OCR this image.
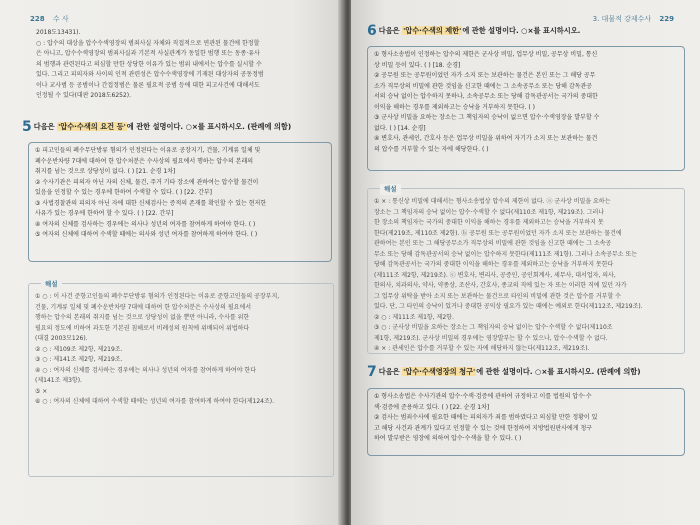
228 수 사
2018도13431).
○ : 압수의 대상을 압수수색영장의 범죄사실 자체와 직접적으로 연관된 물건에 한정할
은 아니고, 압수수색영장의 범죄사실과 기본적 사실관계가 동일한 범행 또는 동종·유사
의 범행과 관련된다고 의심할 만한 상당한 이유가 있는 범위 내에서는 압수를 실시할 수
있다. 그리고 피의자와 사이의 인적 관련성은 압수수색영장에 기재된 대상자의 공동정범
이나 교사범 등 공범이나 간접정범은 물론 필요적 공범 등에 대한 피고사건에 대해서도
인정될 수 있다(대판 2018도6252).
5 다음은 '압수·수색의 요건 등'에 관한 설명이다. ○×를 표시하시오. (판례에 의함)
① 피고인들의 폐수무단방류 혐의가 인정된다는 이유로 공장지기, 건물, 기계류 일체 및
폐수운반차량 7대에 대하여 한 압수처분은 수사상의 필요에서 행하는 압수의 본래의
취지를 넘는 것으로 상당성이 없다. ( ) [21. 순경 1차]
② 수사기관은 피의자 아닌 자의 신체, 물건, 주거 기타 장소에 관하여는 압수할 물건이
있음을 인정할 수 있는 경우에 한하여 수색할 수 있다. ( ) [22. 간부]
③ 사법경찰관의 피의자 아닌 자에 대한 신체검사는 증적의 존재를 확인할 수 있는 현저한
사유가 있는 경우에 한하여 할 수 있다. ( ) [22. 간부]
④ 여자의 신체를 검사하는 경우에는 의사나 성년의 여자를 참여하게 하여야 한다. ( )
⑤ 여자의 신체에 대하여 수색할 때에는 의사와 성년 여자를 참여하게 하여야 한다. ( )
해설
① ○ : 이 사건 준항고인들의 폐수무단방류 혐의가 인정된다는 이유로 준항고인들의 공장부지,
건물, 기계류 일체 및 폐수운반차량 7대에 대하여 한 압수처분은 수사상의 필요에서
행하는 압수의 본래의 취지를 넘는 것으로 상당성이 없을 뿐만 아니라, 수사를 위한
필요의 정도에 비하여 과도한 기본권 침해로서 비례성의 원칙에 위배되어 위법하다
(대결 2003모126).
② ○ : 제109조 제2항, 제219조.
③ ○ : 제141조 제2항, 제219조.
④ ○ : 여자의 신체를 검사하는 경우에는 의사나 성년의 여자를 참여하게 하여야 한다
(제141조 제3항).
⑤ ×
⑥ ○ : 여자의 신체에 대하여 수색할 때에는 성년의 여자를 참여하게 하여야 한다(제124조).
3. 대물적 강제수사 229
6 다음은 '압수·수색의 제한'에 관한 설명이다. ○×를 표시하시오.
① 형사소송법이 인정하는 압수의 제한은 군사상 비밀, 업무상 비밀, 공무상 비밀, 통신
상 비밀 등이 있다. ( ) [18. 순경]
② 공무원 또는 공무원이었던 자가 소지 또는 보관하는 물건은 본인 또는 그 해당 공무
소가 직무상의 비밀에 관한 것임을 신고한 때에는 그 소속공무소 또는 당해 감독관공
서의 승낙 없이는 압수하지 못하나, 소속공무소 또는 당해 감독관공서는 국가의 중대한
이익을 해하는 경우를 제외하고는 승낙을 거부하지 못한다. ( )
③ 군사상 비밀을 요하는 장소는 그 책임자의 승낙이 없으면 압수·수색영장을 발부할 수
없다. ( ) [14. 순경]
④ 변호사, 관세인, 간호사 등은 업무상 비밀을 위하여 자기가 소지 또는 보관하는 물건
의 압수를 거부할 수 있는 자에 해당한다. ( )
해설
① × : 통신상 비밀에 대해서는 형사소송법상 압수의 제한이 없다. ⓐ 군사상 비밀을 요하는
장소는 그 책임자의 승낙 없이는 압수·수색할 수 없다(제110조 제1항, 제219조). 그러나
한 장소의 책임자는 국가의 중대한 이익을 해하는 경우를 제외하고는 승낙을 거부하지 못
한다(제219조, 제110조 제2항). ⓑ 공무원 또는 공무원이었던 자가 소지 또는 보관하는 물건에
관하여는 본인 또는 그 해당공무소가 직무상의 비밀에 관한 것임을 신고한 때에는 그 소속공
무소 또는 당해 감독관공서의 승낙 없이는 압수하지 못한다(제111조 제1항). 그러나 소속공무소 또는
당해 감독관공서는 국가의 중대한 이익을 해하는 경우를 제외하고는 승낙을 거부하지 못한다
(제111조 제2항, 제219조). ⓒ 변호사, 변리사, 공증인, 공인회계사, 세무사, 대서업자, 의사,
한의사, 치과의사, 약사, 약종상, 조산사, 간호사, 종교의 직에 있는 자 또는 이러한 직에 있던 자가
그 업무상 위탁을 받아 소지 또는 보관하는 물건으로 타인의 비밀에 관한 것은 압수를 거부할 수
있다. 단, 그 타인의 승낙이 있거나 중대한 공익상 필요가 있는 때에는 예외로 한다(제112조, 제219조).
② ○ : 제111조 제1항, 제2항.
③ ○ : 군사상 비밀을 요하는 장소는 그 책임자의 승낙 없이는 압수·수색할 수 없다(제110조
제1항, 제219조). 군사상 비밀의 경우에는 영장발부는 할 수 있으나, 압수·수색할 수 없다.
④ × : 관세인은 압수를 거부할 수 있는 자에 해당하지 않는다(제112조, 제219조).
7 다음은 '압수·수색영장의 청구'에 관한 설명이다. ○×를 표시하시오. (판례에 의함)
① 형사소송법은 수사기관의 압수·수색·검증에 관하여 규정하고 이를 법원의 압수·수
색·검증에 준용하고 있다. ( ) [22. 순경 1차]
② 검사는 범죄수사에 필요한 때에는 피의자가 죄를 범하였다고 의심할 만한 정황이 있
고 해당 사건과 관계가 있다고 인정할 수 있는 것에 한정하여 지방법원판사에게 청구
하여 발부받은 영장에 의하여 압수·수색을 할 수 있다. ( )
